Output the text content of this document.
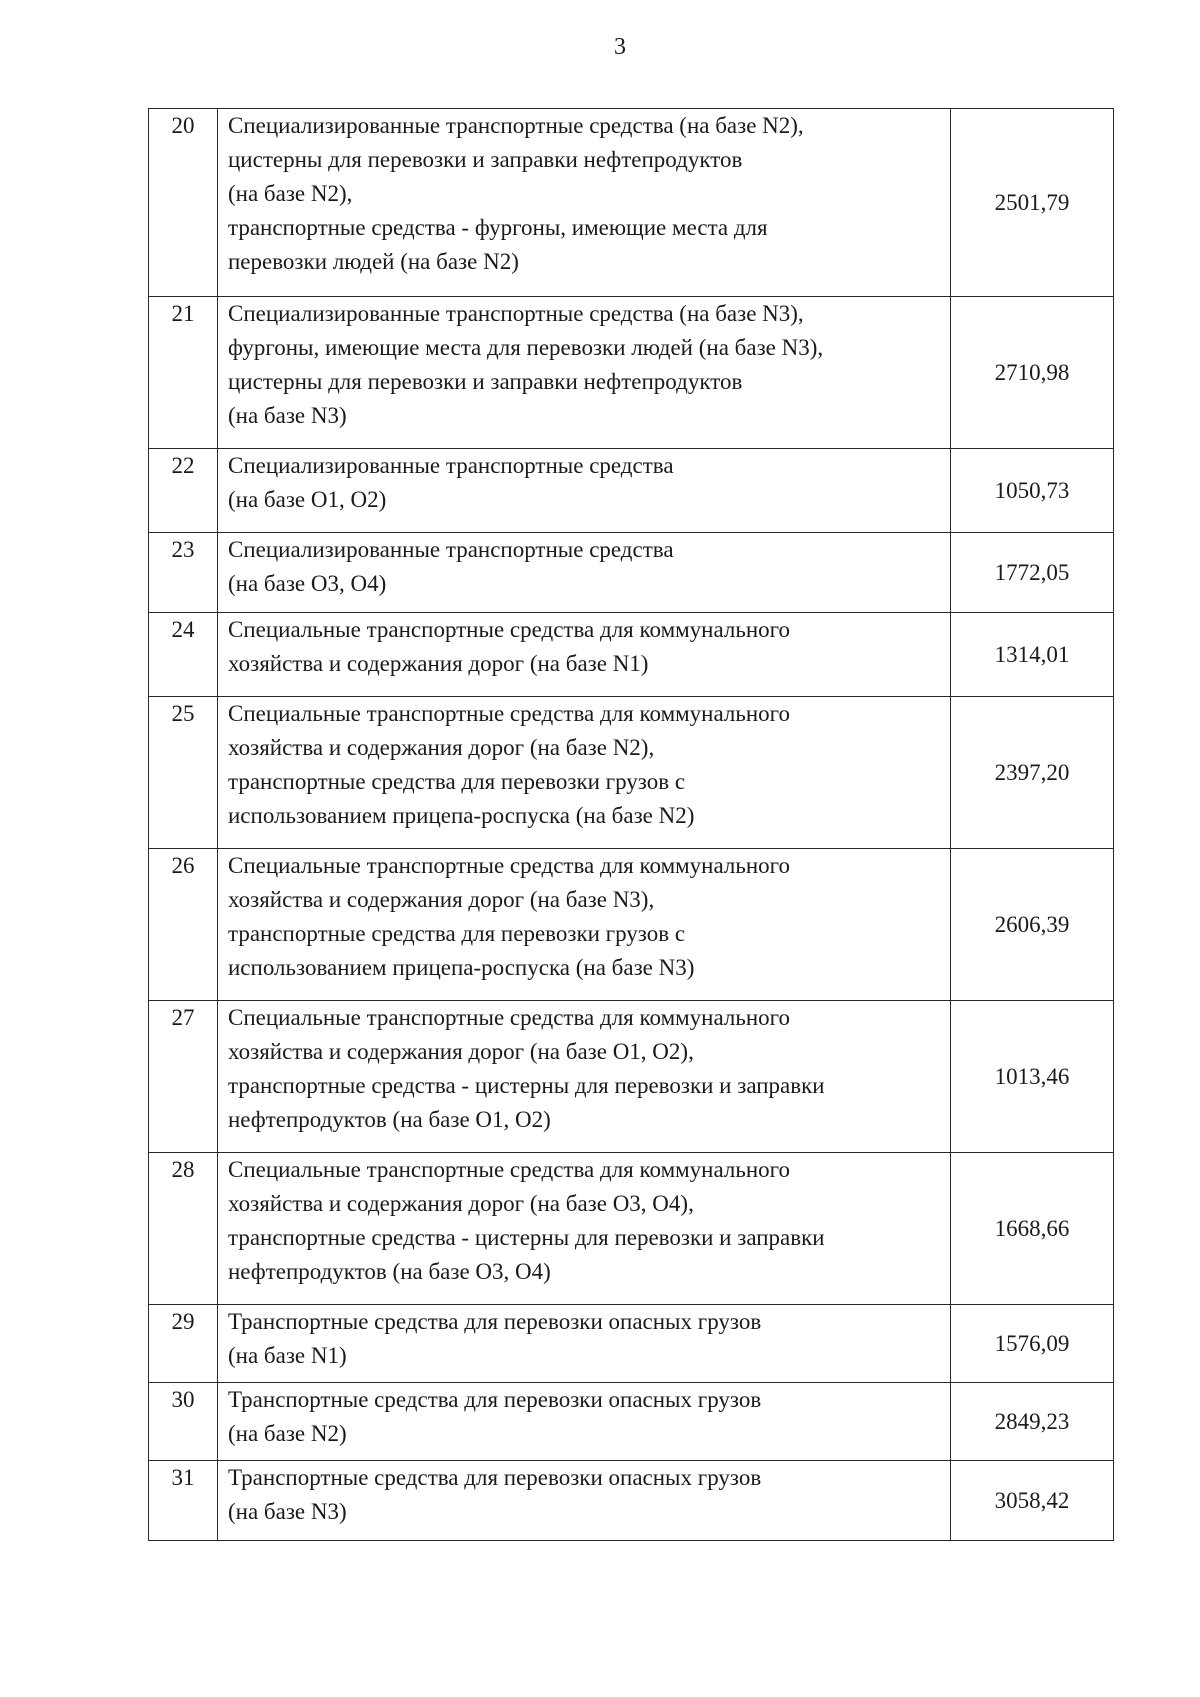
3
20	Специализированные транспортные средства (на базе N2),
цистерны для перевозки и заправки нефтепродуктов
(на базе N2),
транспортные средства - фургоны, имеющие места для
перевозки людей (на базе N2)	2501,79
21	Специализированные транспортные средства (на базе N3),
фургоны, имеющие места для перевозки людей (на базе N3),
цистерны для перевозки и заправки нефтепродуктов
(на базе N3)	2710,98
22	Специализированные транспортные средства
(на базе O1, O2)	1050,73
23	Специализированные транспортные средства
(на базе O3, O4)	1772,05
24	Специальные транспортные средства для коммунального
хозяйства и содержания дорог (на базе N1)	1314,01
25	Специальные транспортные средства для коммунального
хозяйства и содержания дорог (на базе N2),
транспортные средства для перевозки грузов с
использованием прицепа-роспуска (на базе N2)	2397,20
26	Специальные транспортные средства для коммунального
хозяйства и содержания дорог (на базе N3),
транспортные средства для перевозки грузов с
использованием прицепа-роспуска (на базе N3)	2606,39
27	Специальные транспортные средства для коммунального
хозяйства и содержания дорог (на базе O1, O2),
транспортные средства - цистерны для перевозки и заправки
нефтепродуктов (на базе O1, O2)	1013,46
28	Специальные транспортные средства для коммунального
хозяйства и содержания дорог (на базе O3, O4),
транспортные средства - цистерны для перевозки и заправки
нефтепродуктов (на базе O3, O4)	1668,66
29	Транспортные средства для перевозки опасных грузов
(на базе N1)	1576,09
30	Транспортные средства для перевозки опасных грузов
(на базе N2)	2849,23
31	Транспортные средства для перевозки опасных грузов
(на базе N3)	3058,42
